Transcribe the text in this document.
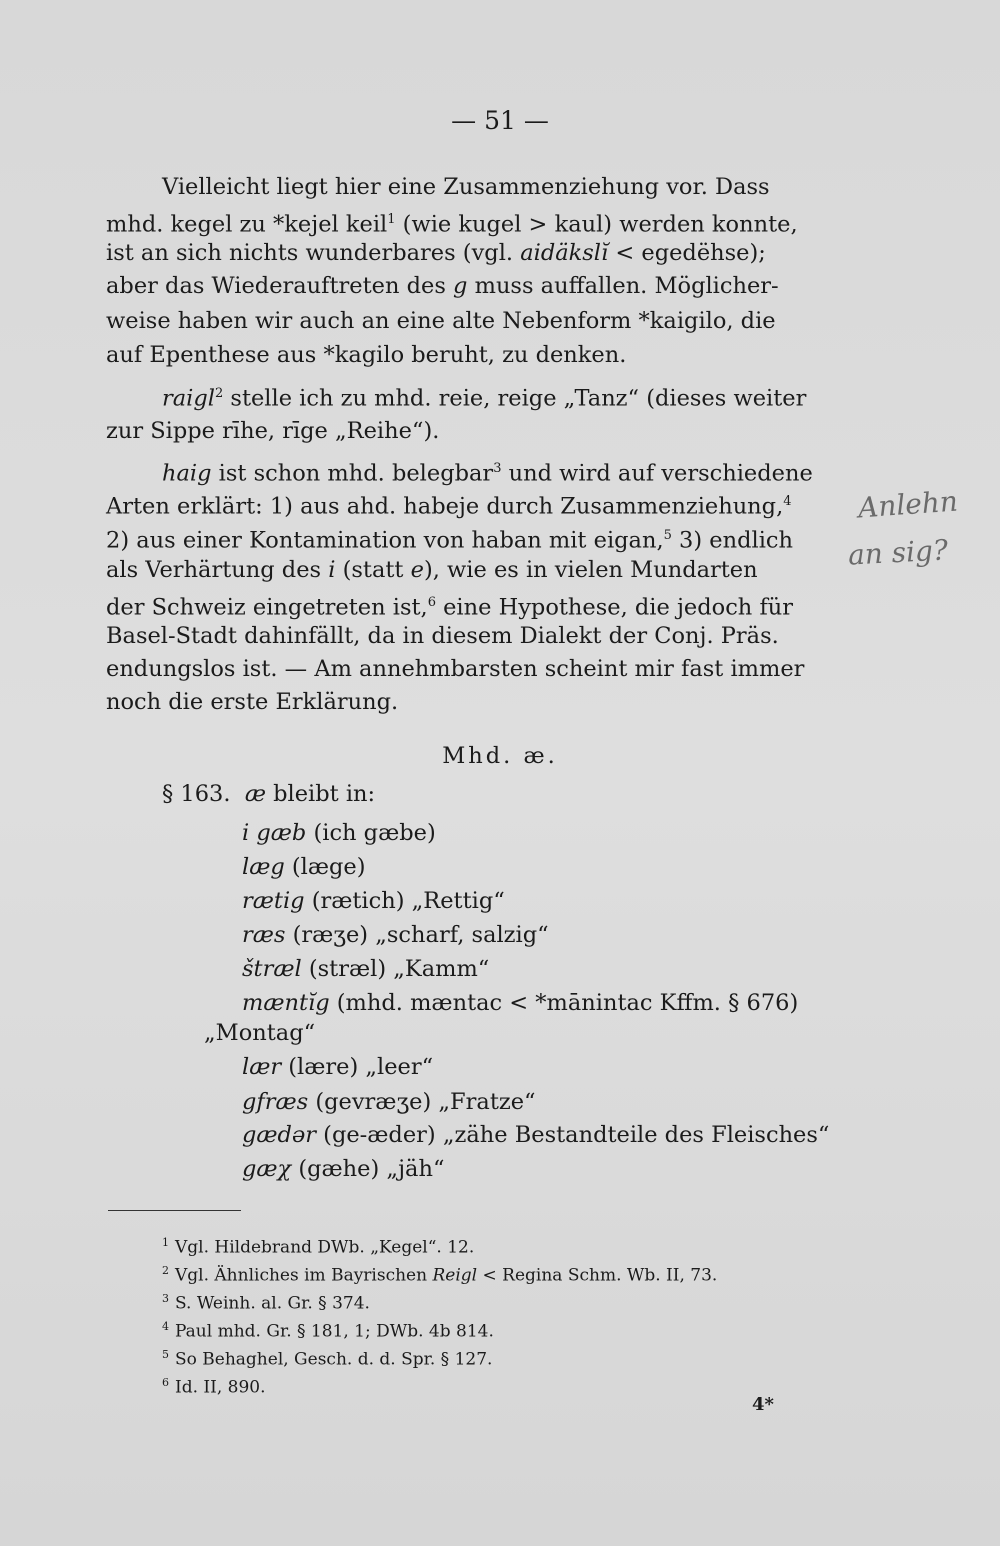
— 51 —
Vielleicht liegt hier eine Zusammenziehung vor. Dass
mhd. kegel zu *kejel keil$^1$ (wie kugel > kaul) werden konnte,
ist an sich nichts wunderbares (vgl. aidäkslĭ < egedëhse);
aber das Wiederauftreten des g muss auffallen. Möglicher-
weise haben wir auch an eine alte Nebenform *kaigilo, die
auf Epenthese aus *kagilo beruht, zu denken.
raigl$^2$ stelle ich zu mhd. reie, reige „Tanz“ (dieses weiter
zur Sippe rīhe, rīge „Reihe“).
haig ist schon mhd. belegbar$^3$ und wird auf verschiedene
Arten erklärt: 1) aus ahd. habeje durch Zusammenziehung,$^4$
2) aus einer Kontamination von haban mit eigan,$^5$ 3) endlich
als Verhärtung des i (statt e), wie es in vielen Mundarten
der Schweiz eingetreten ist,$^6$ eine Hypothese, die jedoch für
Basel-Stadt dahinfällt, da in diesem Dialekt der Conj. Präs.
endungslos ist. — Am annehmbarsten scheint mir fast immer
noch die erste Erklärung.
Mhd. æ.
§ 163. æ bleibt in:
i gæb (ich gæbe)
læg (læge)
rætig (rætich) „Rettig“
ræs (ræʒe) „scharf, salzig“
štræl (stræl) „Kamm“
mæntĭg (mhd. mæntac < *mānintac Kffm. § 676)
„Montag“
lær (lære) „leer“
gfræs (gevræʒe) „Fratze“
gædər (ge-æder) „zähe Bestandteile des Fleisches“
gæχ (gæhe) „jäh“
$^1$ Vgl. Hildebrand DWb. „Kegel“. 12.
$^2$ Vgl. Ähnliches im Bayrischen Reigl < Regina Schm. Wb. II, 73.
$^3$ S. Weinh. al. Gr. § 374.
$^4$ Paul mhd. Gr. § 181, 1; DWb. 4b 814.
$^5$ So Behaghel, Gesch. d. d. Spr. § 127.
$^6$ Id. II, 890.
4*
Anlehn
an sig?
